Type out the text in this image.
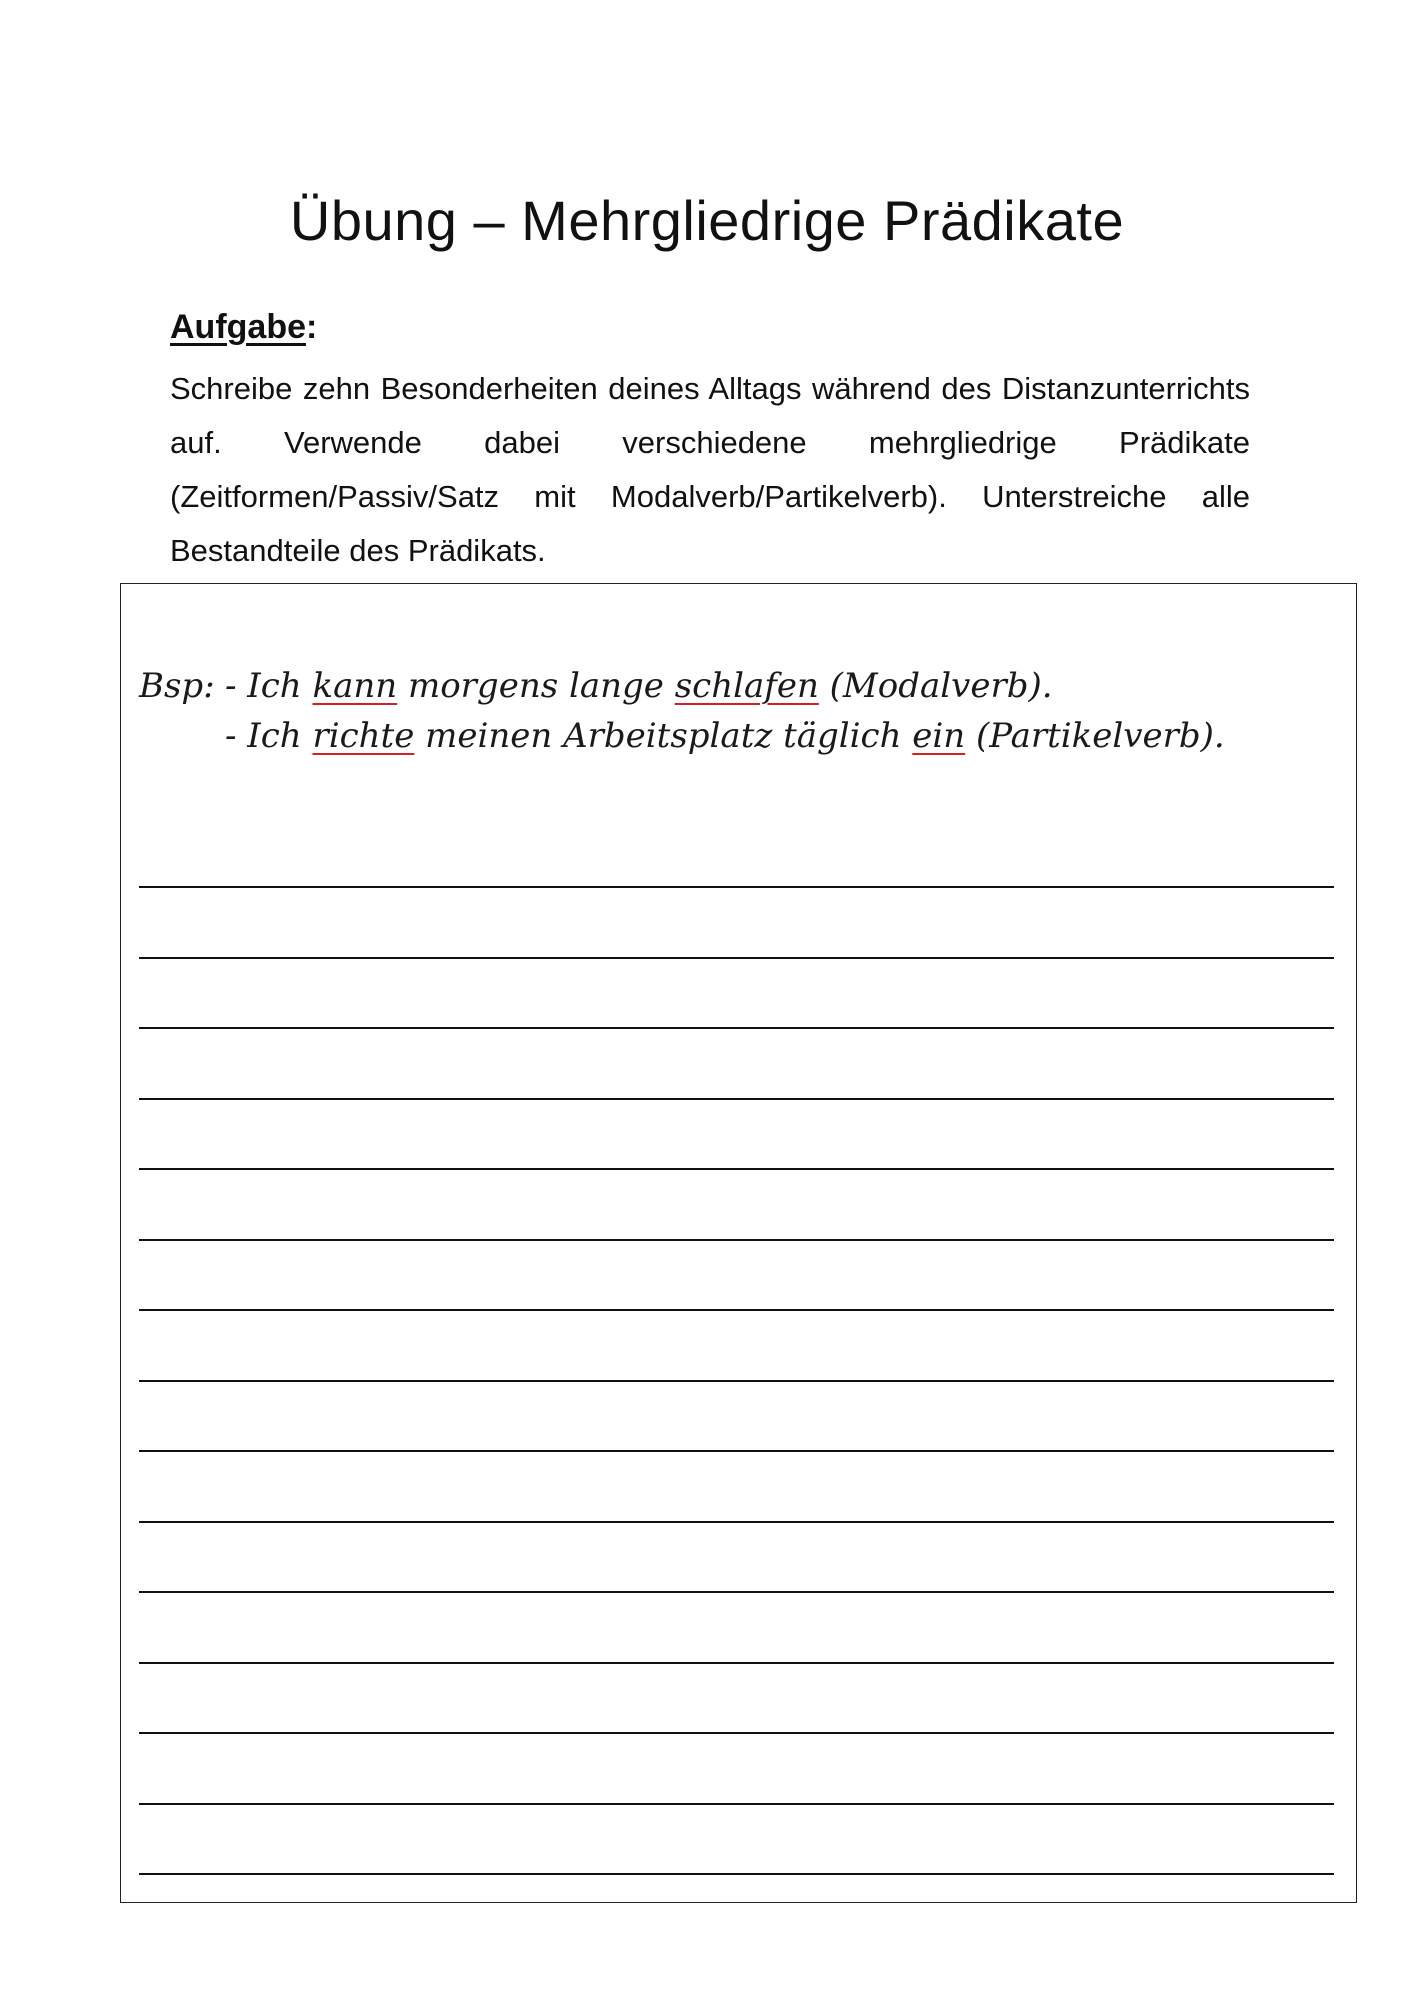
Übung – Mehrgliedrige Prädikate
Aufgabe:
Schreibe zehn Besonderheiten deines Alltags während des Distanzunterrichts auf. Verwende dabei verschiedene mehrgliedrige Prädikate (Zeitformen/Passiv/Satz mit Modalverb/Partikelverb). Unterstreiche alle Bestandteile des Prädikats.
Bsp: - Ich kann morgens lange schlafen (Modalverb).
- Ich richte meinen Arbeitsplatz täglich ein (Partikelverb).
